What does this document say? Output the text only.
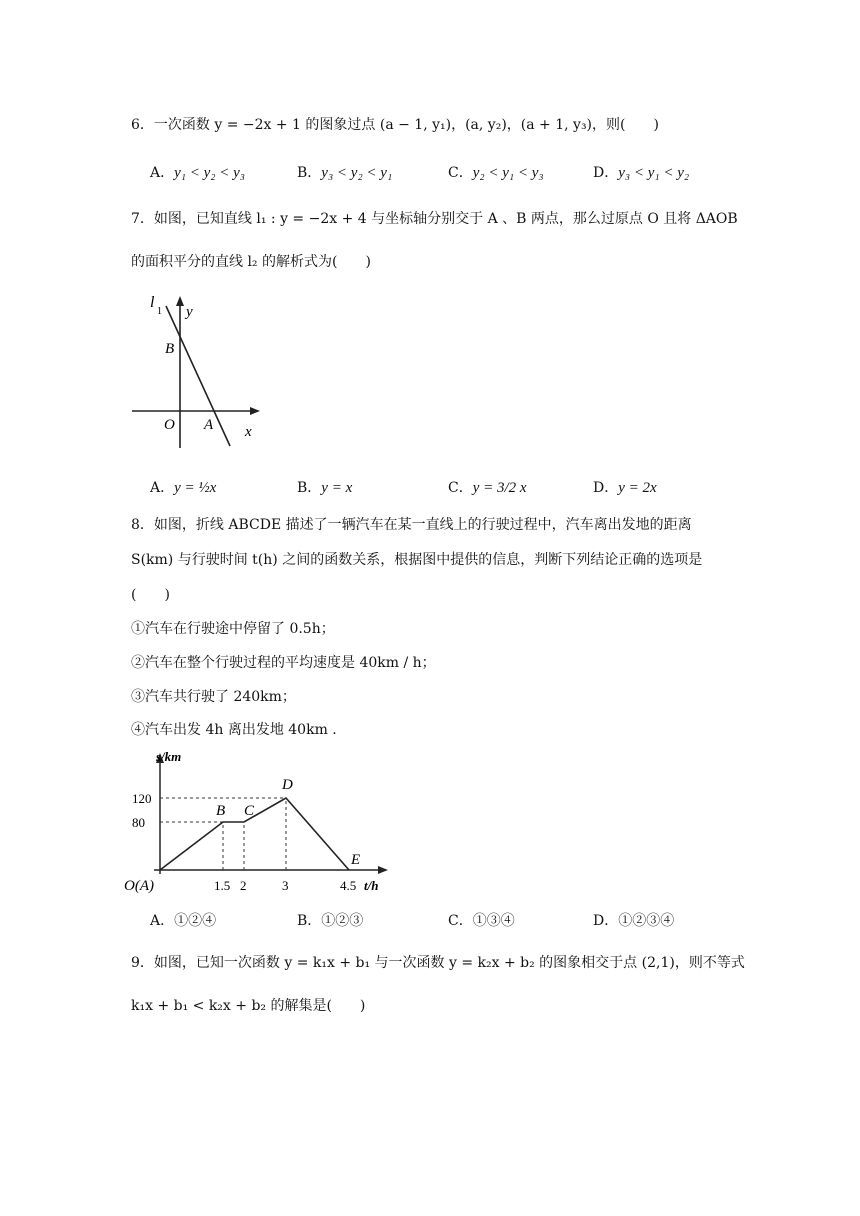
6．一次函数 y = −2x + 1 的图象过点 (a − 1, y₁)，(a, y₂)，(a + 1, y₃)，则(　　)
A．y₁ < y₂ < y₃	B．y₃ < y₂ < y₁	C．y₂ < y₁ < y₃	D．y₃ < y₁ < y₂
7．如图，已知直线 l₁ : y = −2x + 4 与坐标轴分别交于 A 、B 两点，那么过原点 O 且将 ΔAOB
的面积平分的直线 l₂ 的解析式为(　　)
l
1 y
B
O A x
A．y = ½x	B．y = x	C．y = 3/2 x	D．y = 2x
8．如图，折线 ABCDE 描述了一辆汽车在某一直线上的行驶过程中，汽车离出发地的距离
S(km) 与行驶时间 t(h) 之间的函数关系，根据图中提供的信息，判断下列结论正确的选项是
(　　)
①汽车在行驶途中停留了 0.5h；
②汽车在整个行驶过程的平均速度是 40km / h；
③汽车共行驶了 240km；
④汽车出发 4h 离出发地 40km .
s/km
t/h
80
120
1.5 2	3	4.5
O(A)
B C
D
E
A．①②④	B．①②③	C．①③④	D．①②③④
9．如图，已知一次函数 y = k₁x + b₁ 与一次函数 y = k₂x + b₂ 的图象相交于点 (2,1)，则不等式
k₁x + b₁ < k₂x + b₂ 的解集是(　　)
